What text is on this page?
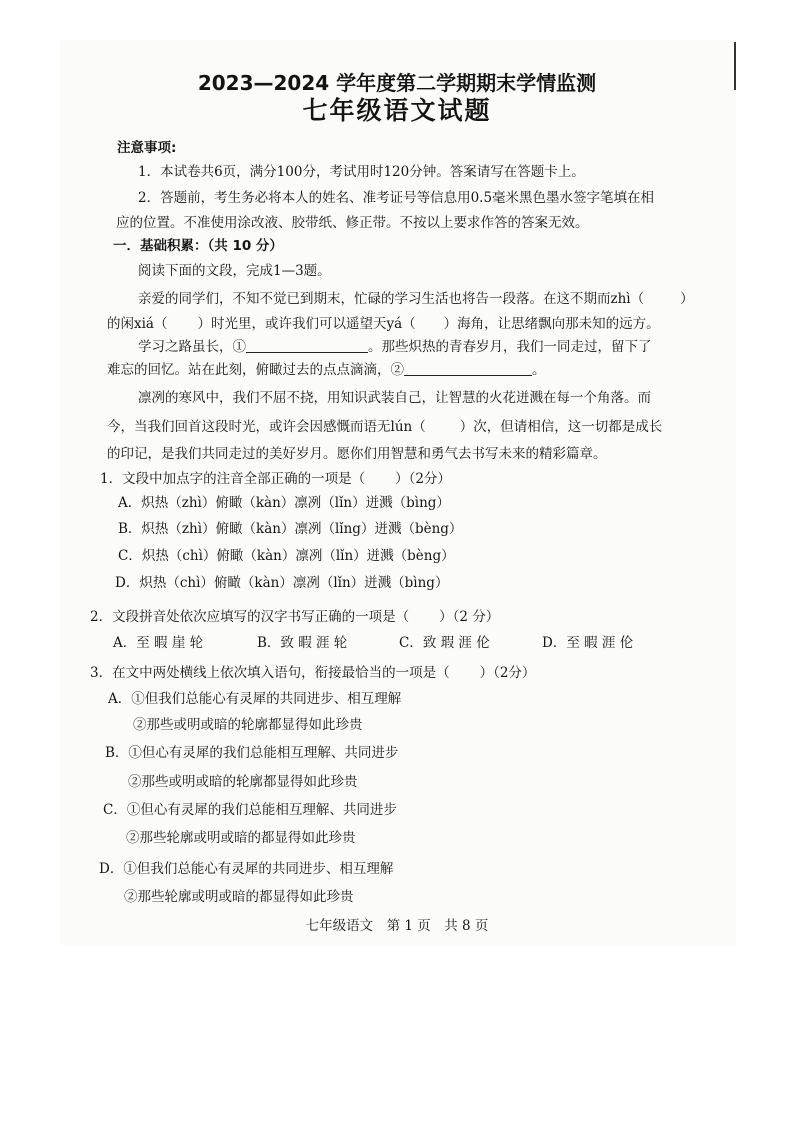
2023—2024 学年度第二学期期末学情监测
七年级语文试题
注意事项:
1．本试卷共6页，满分100分，考试用时120分钟。答案请写在答题卡上。
2．答题前，考生务必将本人的姓名、准考证号等信息用0.5毫米黑色墨水签字笔填在相
应的位置。不准使用涂改液、胶带纸、修正带。不按以上要求作答的答案无效。
一．基础积累：（共 10 分）
阅读下面的文段，完成1—3题。
亲爱的同学们，不知不觉已到期末，忙碌的学习生活也将告一段落。在这不期而zhì（	）
的闲xiá（ ）时光里，或许我们可以遥望天yá（ ）海角，让思绪飘向那未知的远方。
学习之路虽长，①	。那些炽热的青春岁月，我们一同走过，留下了
难忘的回忆。站在此刻，俯瞰过去的点点滴滴，②	。
凛冽的寒风中，我们不屈不挠，用知识武装自己，让智慧的火花迸溅在每一个角落。而
今，当我们回首这段时光，或许会因感慨而语无lún（	）次，但请相信，这一切都是成长
的印记，是我们共同走过的美好岁月。愿你们用智慧和勇气去书写未来的精彩篇章。
1．文段中加点字的注音全部正确的一项是（ ）（2分）
A．炽热（zhì）俯瞰（kàn）凛冽（lǐn）迸溅（bìng）
B．炽热（zhì）俯瞰（kàn）凛冽（lǐng）迸溅（bèng）
C．炽热（chì）俯瞰（kàn）凛冽（lǐn）迸溅（bèng）
D．炽热（chì）俯瞰（kàn）凛冽（lǐn）迸溅（bìng）
2．文段拼音处依次应填写的汉字书写正确的一项是（ ）（2 分）
A．至 暇 崖 轮	B．致 暇 涯 轮	C．致 瑕 涯 伦	D．至 暇 涯 伦
3．在文中两处横线上依次填入语句，衔接最恰当的一项是（ ）（2分）
A．①但我们总能心有灵犀的共同进步、相互理解
②那些或明或暗的轮廓都显得如此珍贵
B．①但心有灵犀的我们总能相互理解、共同进步
②那些或明或暗的轮廓都显得如此珍贵
C．①但心有灵犀的我们总能相互理解、共同进步
②那些轮廓或明或暗的都显得如此珍贵
D．①但我们总能心有灵犀的共同进步、相互理解
②那些轮廓或明或暗的都显得如此珍贵
七年级语文　第 1 页　共 8 页
